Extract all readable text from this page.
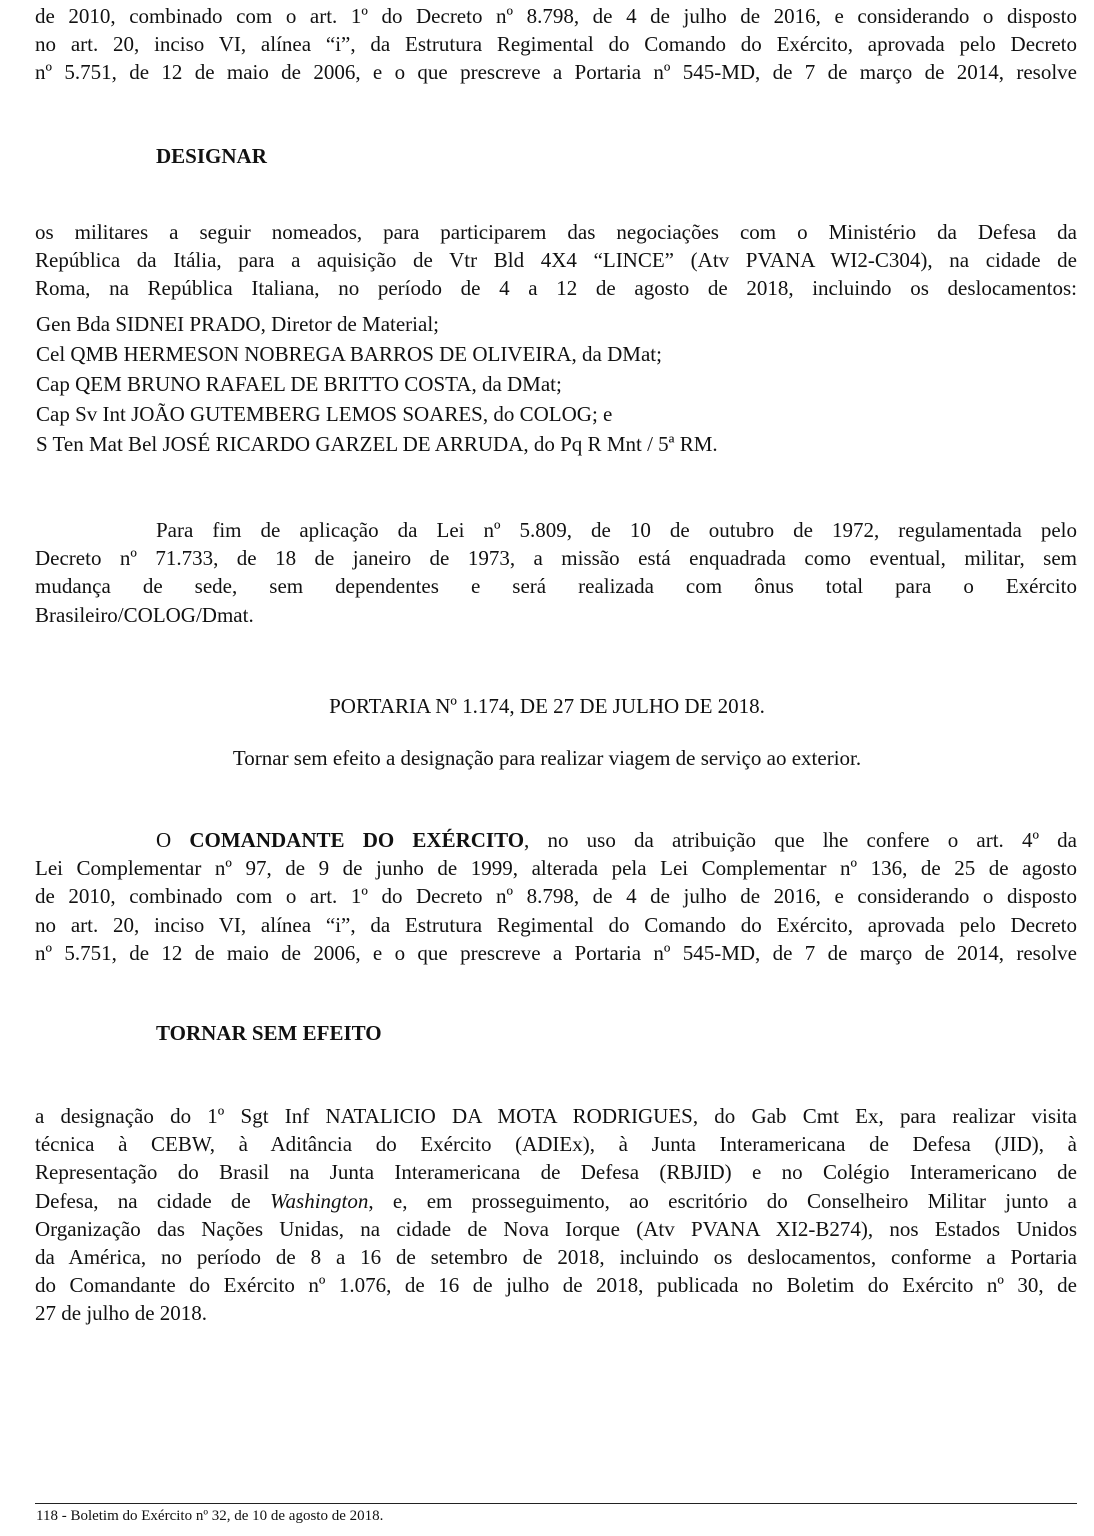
de 2010, combinado com o art. 1º do Decreto nº 8.798, de 4 de julho de 2016, e considerando o disposto
no art. 20, inciso VI, alínea “i”, da Estrutura Regimental do Comando do Exército, aprovada pelo Decreto
nº 5.751, de 12 de maio de 2006, e o que prescreve a Portaria nº 545-MD, de 7 de março de 2014, resolve
DESIGNAR
os militares a seguir nomeados, para participarem das negociações com o Ministério da Defesa da
República da Itália, para a aquisição de Vtr Bld 4X4 “LINCE” (Atv PVANA WI2-C304), na cidade de
Roma, na República Italiana, no período de 4 a 12 de agosto de 2018, incluindo os deslocamentos:
Gen Bda SIDNEI PRADO, Diretor de Material;
Cel QMB HERMESON NOBREGA BARROS DE OLIVEIRA, da DMat;
Cap QEM BRUNO RAFAEL DE BRITTO COSTA, da DMat;
Cap Sv Int JOÃO GUTEMBERG LEMOS SOARES, do COLOG; e
S Ten Mat Bel JOSÉ RICARDO GARZEL DE ARRUDA, do Pq R Mnt / 5ª RM.
Para fim de aplicação da Lei nº 5.809, de 10 de outubro de 1972, regulamentada pelo
Decreto nº 71.733, de 18 de janeiro de 1973, a missão está enquadrada como eventual, militar, sem
mudança de sede, sem dependentes e será realizada com ônus total para o Exército
Brasileiro/COLOG/Dmat.
PORTARIA Nº 1.174, DE 27 DE JULHO DE 2018.
Tornar sem efeito a designação para realizar viagem de serviço ao exterior.
O COMANDANTE DO EXÉRCITO, no uso da atribuição que lhe confere o art. 4º da
Lei Complementar nº 97, de 9 de junho de 1999, alterada pela Lei Complementar nº 136, de 25 de agosto
de 2010, combinado com o art. 1º do Decreto nº 8.798, de 4 de julho de 2016, e considerando o disposto
no art. 20, inciso VI, alínea “i”, da Estrutura Regimental do Comando do Exército, aprovada pelo Decreto
nº 5.751, de 12 de maio de 2006, e o que prescreve a Portaria nº 545-MD, de 7 de março de 2014, resolve
TORNAR SEM EFEITO
a designação do 1º Sgt Inf NATALICIO DA MOTA RODRIGUES, do Gab Cmt Ex, para realizar visita
técnica à CEBW, à Aditância do Exército (ADIEx), à Junta Interamericana de Defesa (JID), à
Representação do Brasil na Junta Interamericana de Defesa (RBJID) e no Colégio Interamericano de
Defesa, na cidade de Washington, e, em prosseguimento, ao escritório do Conselheiro Militar junto a
Organização das Nações Unidas, na cidade de Nova Iorque (Atv PVANA XI2-B274), nos Estados Unidos
da América, no período de 8 a 16 de setembro de 2018, incluindo os deslocamentos, conforme a Portaria
do Comandante do Exército nº 1.076, de 16 de julho de 2018, publicada no Boletim do Exército nº 30, de
27 de julho de 2018.
118 - Boletim do Exército nº 32, de 10 de agosto de 2018.
